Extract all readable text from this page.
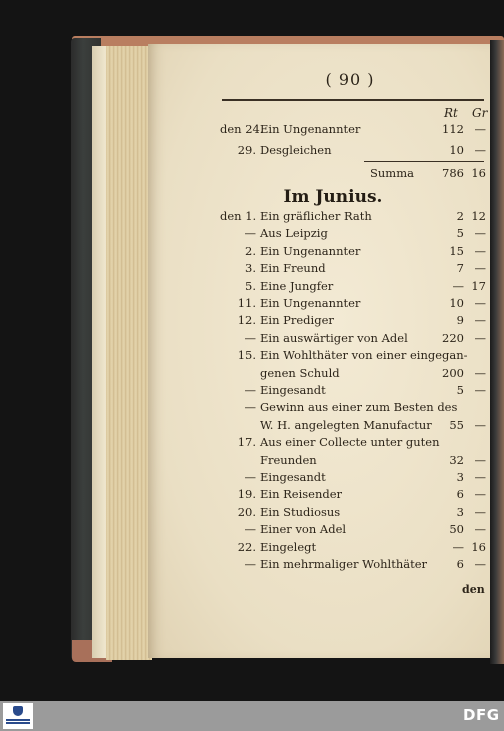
( 90 )
Rt Gr
den 24.
Ein Ungenannter	112 —
29. Desgleichen	10 —
Summa	786 16
Im Junius.
den 1. Ein gräflicher Rath	2 12
— Aus Leipzig	5 —
2. Ein Ungenannter	15 —
3. Ein Freund	7 —
5. Eine Jungfer	— 17
11. Ein Ungenannter	10 —
12. Ein Prediger	9 —
— Ein auswärtiger von Adel	220 —
15. Ein Wohlthäter von einer eingegan-
genen Schuld	200 —
— Eingesandt	5 —
— Gewinn aus einer zum Besten des
W. H. angelegten Manufactur	55 —
17. Aus einer Collecte unter guten
Freunden	32 —
— Eingesandt	3 —
19. Ein Reisender	6 —
20. Ein Studiosus	3 —
— Einer von Adel	50 —
22. Eingelegt	— 16
— Ein mehrmaliger Wohlthäter	6 —
den
DFG
